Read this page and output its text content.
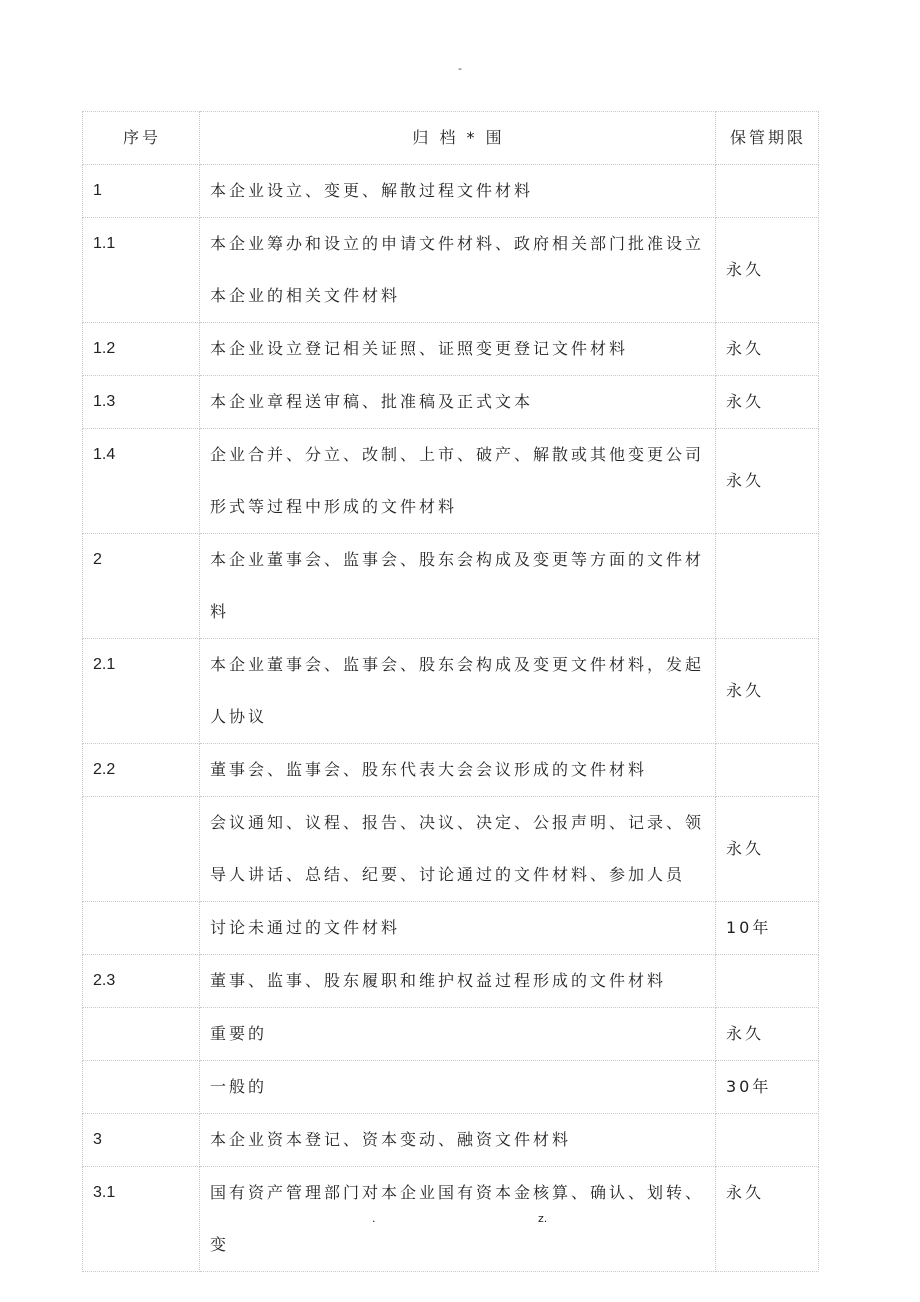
-
序号	归 档 * 围	保管期限
1	本企业设立、变更、解散过程文件材料	
1.1	本企业筹办和设立的申请文件材料、政府相关部门批准设立本企业的相关文件材料	永久
1.2	本企业设立登记相关证照、证照变更登记文件材料	永久
1.3	本企业章程送审稿、批准稿及正式文本	永久
1.4	企业合并、分立、改制、上市、破产、解散或其他变更公司形式等过程中形成的文件材料	永久
2	本企业董事会、监事会、股东会构成及变更等方面的文件材料	
2.1	本企业董事会、监事会、股东会构成及变更文件材料，发起人协议	永久
2.2	董事会、监事会、股东代表大会会议形成的文件材料	
	会议通知、议程、报告、决议、决定、公报声明、记录、领导人讲话、总结、纪要、讨论通过的文件材料、参加人员	永久
	讨论未通过的文件材料	10年
2.3	董事、监事、股东履职和维护权益过程形成的文件材料	
	重要的	永久
	一般的	30年
3	本企业资本登记、资本变动、融资文件材料	
3.1	国有资产管理部门对本企业国有资本金核算、确认、划转、变	永久
.	z.
